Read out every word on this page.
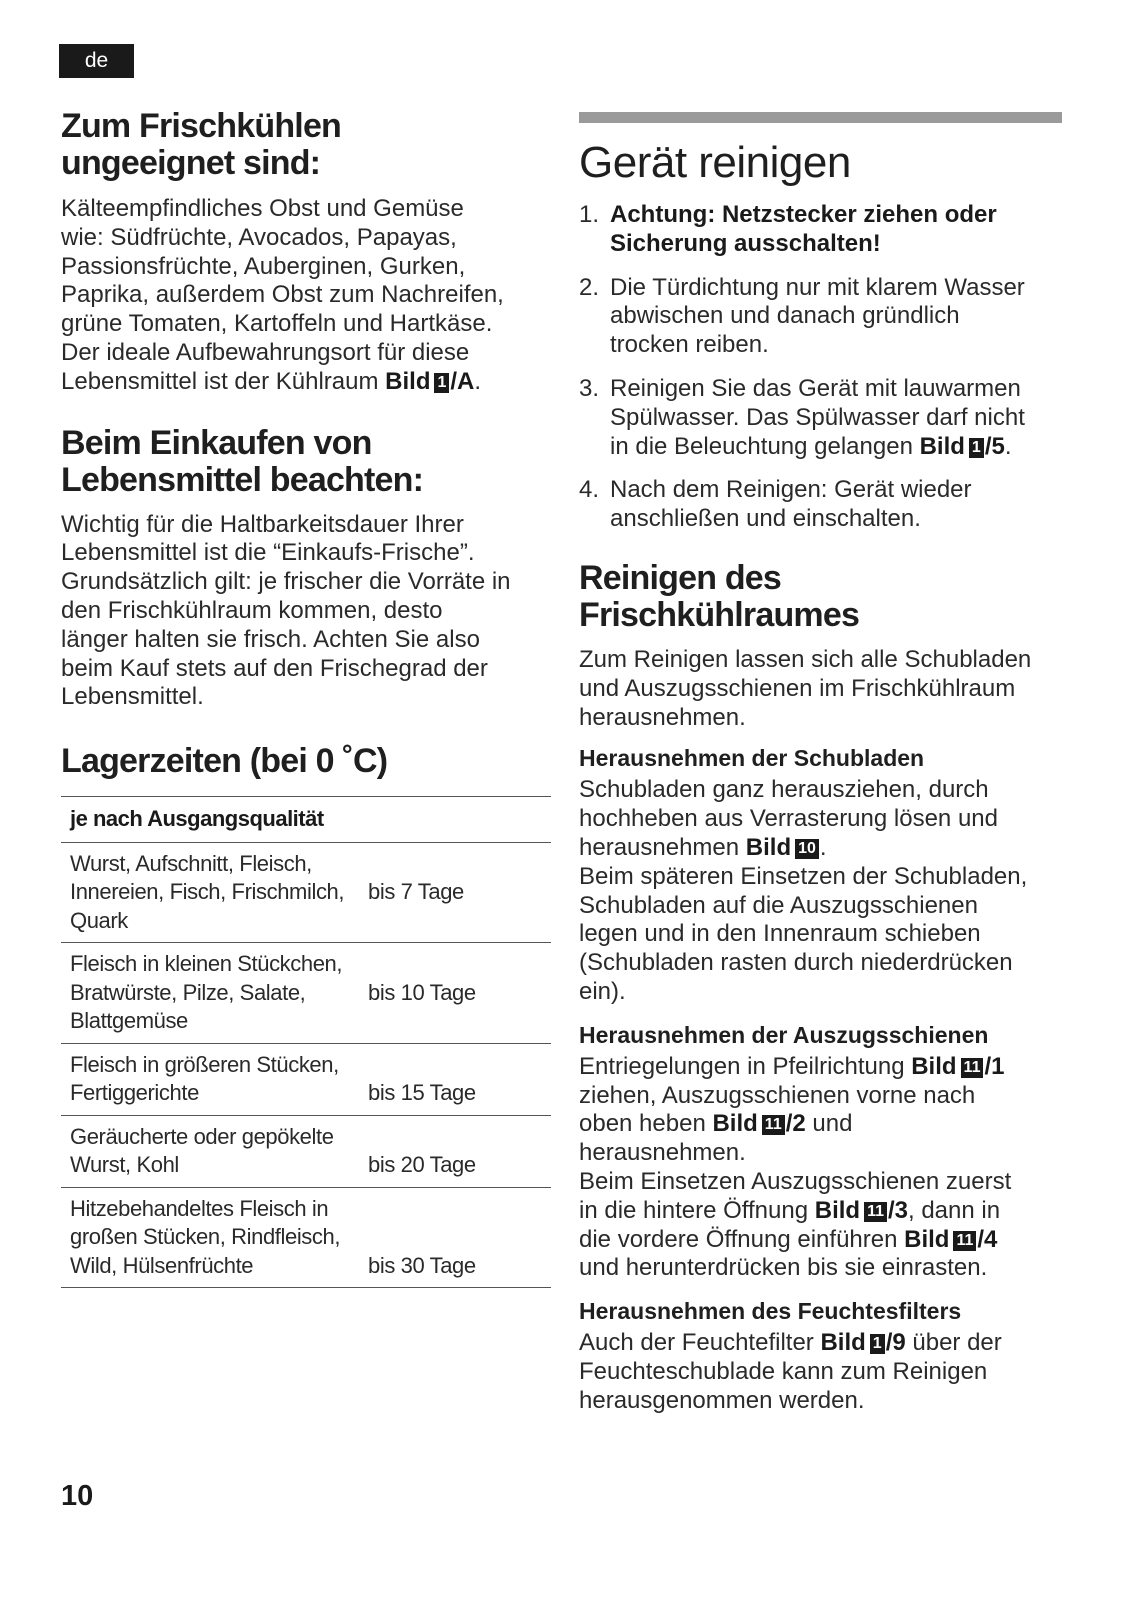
de
Zum Frischkühlen
ungeeignet sind:

Kälteempfindliches Obst und Gemüse
wie: Südfrüchte, Avocados, Papayas,
Passionsfrüchte, Auberginen, Gurken,
Paprika, außerdem Obst zum Nachreifen,
grüne Tomaten, Kartoffeln und Hartkäse.
Der ideale Aufbewahrungsort für diese
Lebensmittel ist der Kühlraum Bild 1 /A.

Beim Einkaufen von
Lebensmittel beachten:

Wichtig für die Haltbarkeitsdauer Ihrer
Lebensmittel ist die “Einkaufs-Frische”.
Grundsätzlich gilt: je frischer die Vorräte in
den Frischkühlraum kommen, desto
länger halten sie frisch. Achten Sie also
beim Kauf stets auf den Frischegrad der
Lebensmittel.

Lagerzeiten (bei 0 ˚C)
je nach Ausgangsqualität	
Wurst, Aufschnitt, Fleisch,
Innereien, Fisch, Frischmilch,
Quark	bis 7 Tage
Fleisch in kleinen Stückchen,
Bratwürste, Pilze, Salate,
Blattgemüse	bis 10 Tage
Fleisch in größeren Stücken,
Fertiggerichte	bis 15 Tage
Geräucherte oder gepökelte
Wurst, Kohl	bis 20 Tage
Hitzebehandeltes Fleisch in
großen Stücken, Rindfleisch,
Wild, Hülsenfrüchte	bis 30 Tage
Gerät reinigen
1. Achtung: Netzstecker ziehen oder
Sicherung ausschalten!
2. Die Türdichtung nur mit klarem Wasser
abwischen und danach gründlich
trocken reiben.
3. Reinigen Sie das Gerät mit lauwarmen
Spülwasser. Das Spülwasser darf nicht
in die Beleuchtung gelangen Bild 1 /5.
4. Nach dem Reinigen: Gerät wieder
anschließen und einschalten.
Reinigen des
Frischkühlraumes

Zum Reinigen lassen sich alle Schubladen
und Auszugsschienen im Frischkühlraum
herausnehmen.

Herausnehmen der Schubladen

Schubladen ganz herausziehen, durch
hochheben aus Verrasterung lösen und
herausnehmen Bild 10 .
Beim späteren Einsetzen der Schubladen,
Schubladen auf die Auszugsschienen
legen und in den Innenraum schieben
(Schubladen rasten durch niederdrücken
ein).

Herausnehmen der Auszugsschienen

Entriegelungen in Pfeilrichtung Bild 11 /1
ziehen, Auszugsschienen vorne nach
oben heben Bild 11 /2 und
herausnehmen.
Beim Einsetzen Auszugsschienen zuerst
in die hintere Öffnung Bild 11 /3, dann in
die vordere Öffnung einführen Bild 11 /4
und herunterdrücken bis sie einrasten.

Herausnehmen des Feuchtesfilters

Auch der Feuchtefilter Bild 1 /9 über der
Feuchteschublade kann zum Reinigen
herausgenommen werden.

10
